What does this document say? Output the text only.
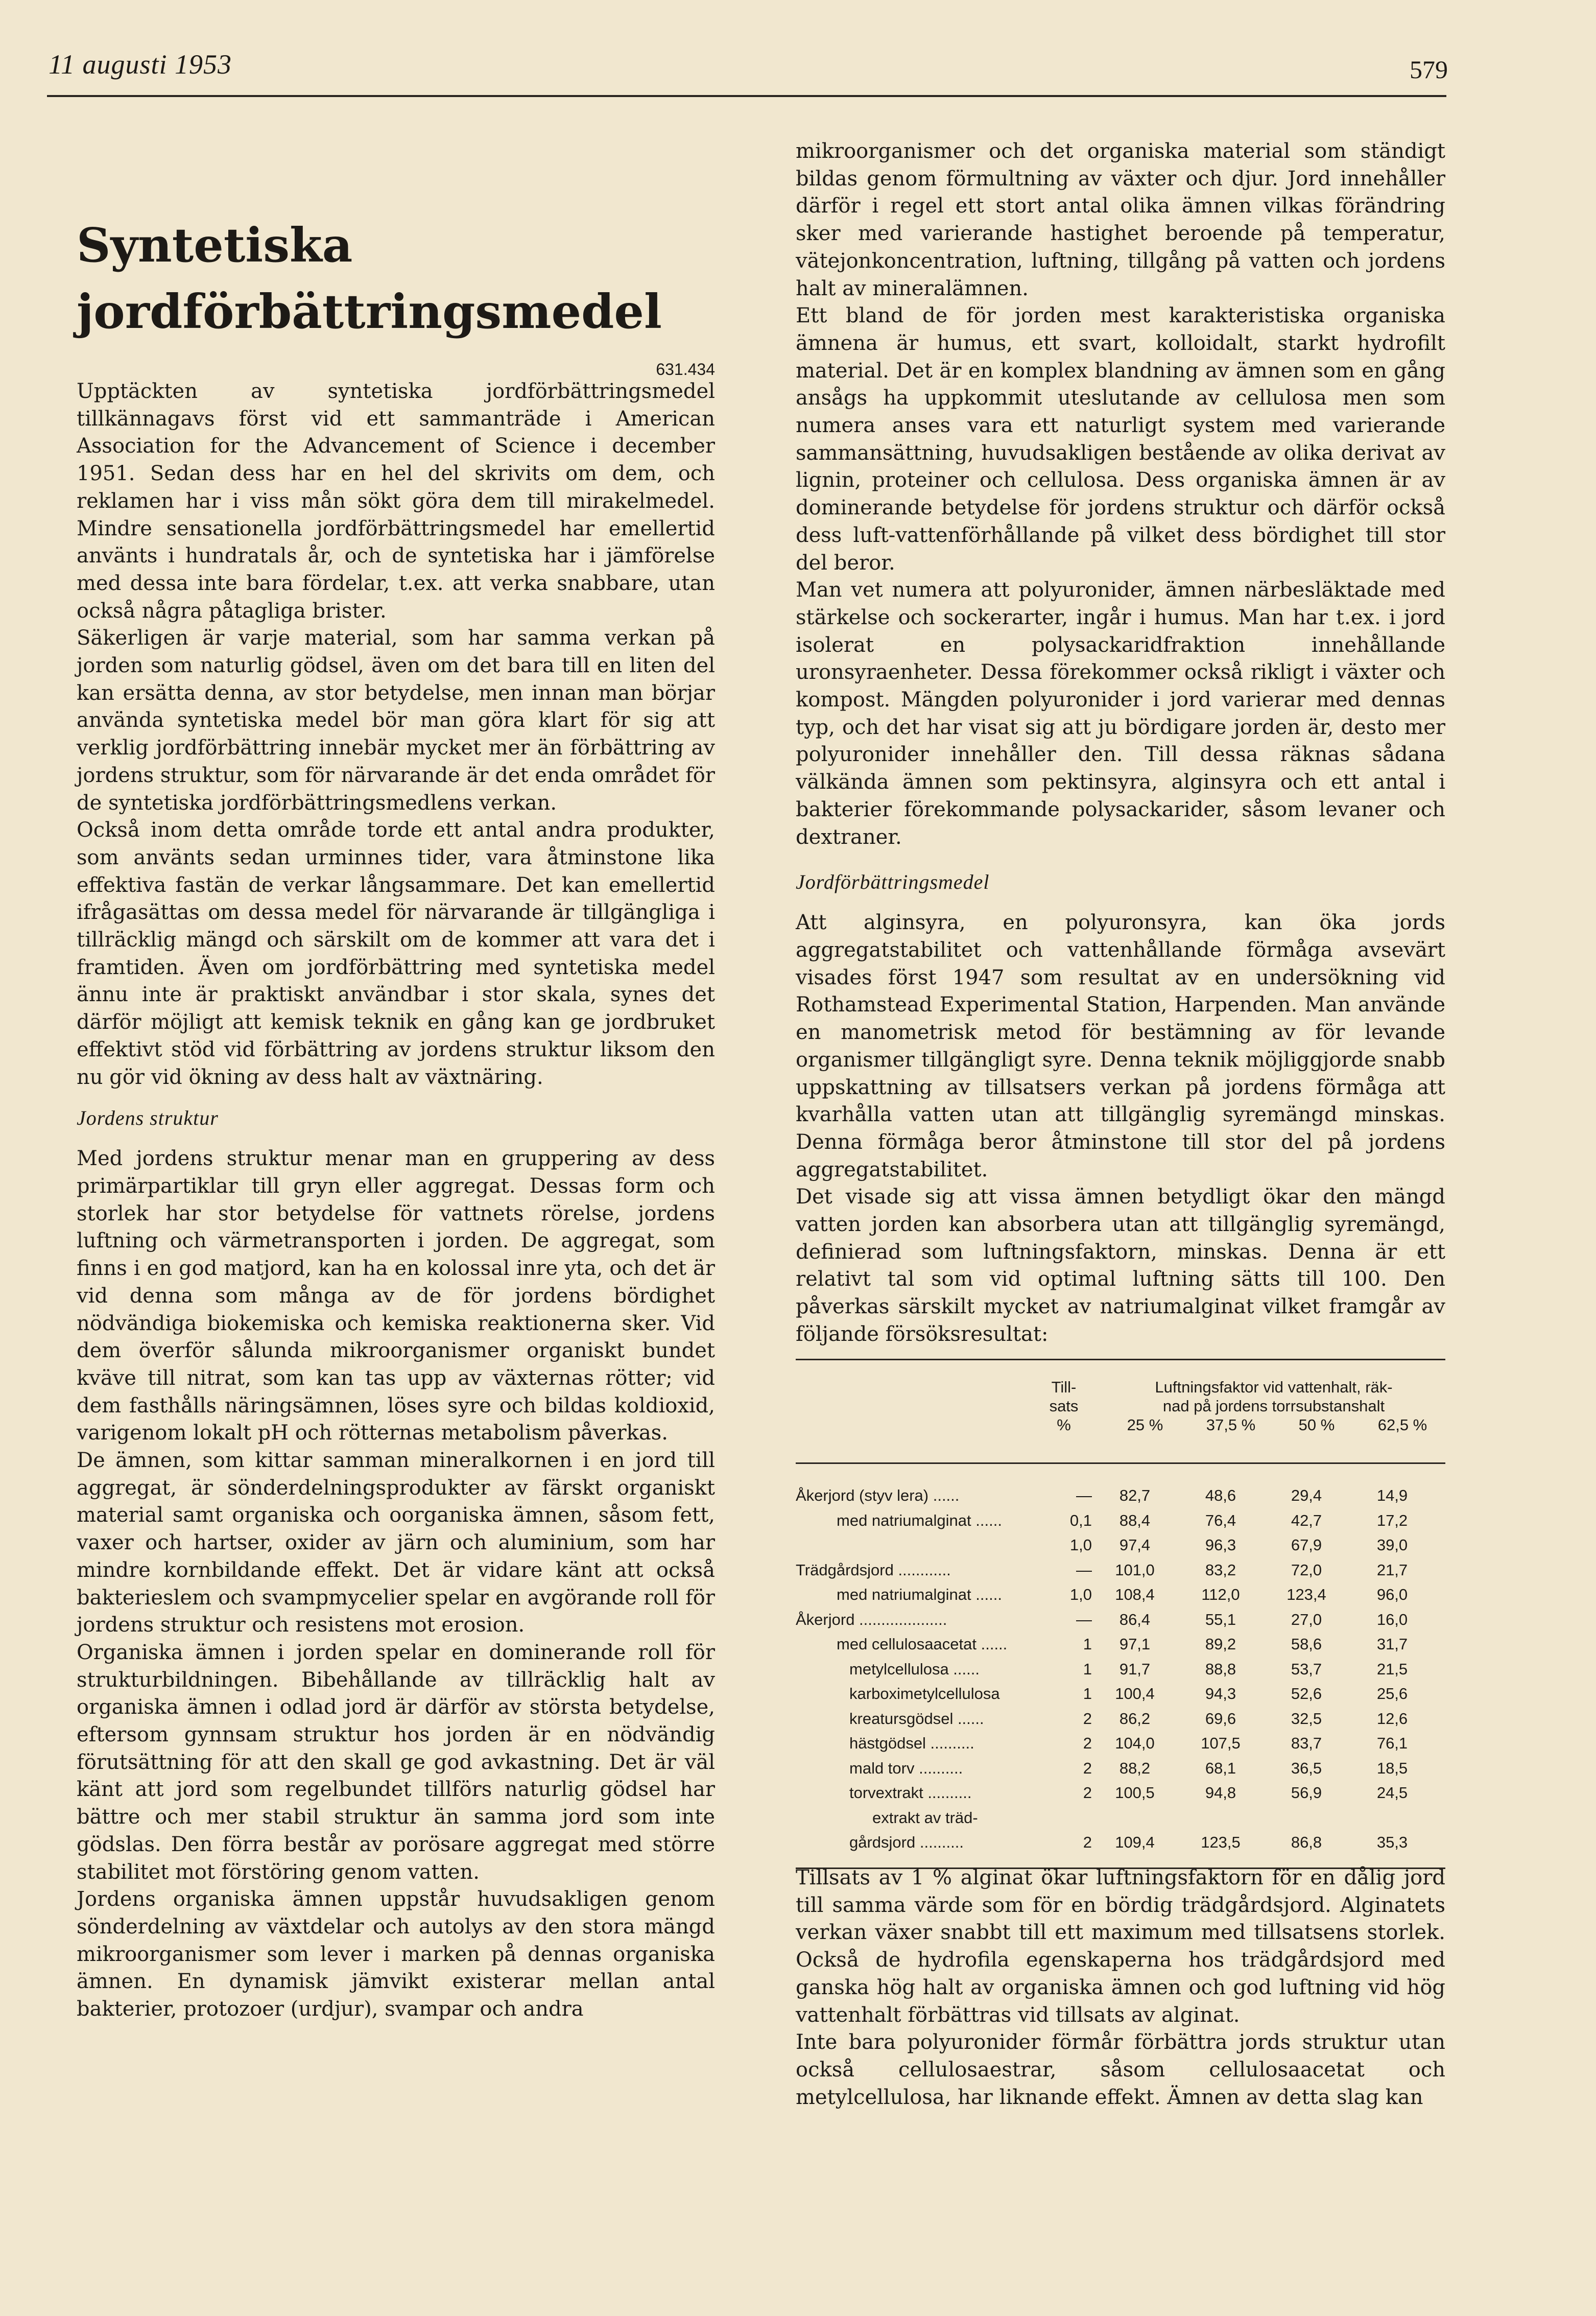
11 augusti 1953	579
Syntetiska
jordförbättringsmedel
631.434

Upptäckten av syntetiska jordförbättringsmedel tillkännagavs först vid ett sammanträde i American Association for the Advancement of Science i december 1951. Sedan dess har en hel del skrivits om dem, och reklamen har i viss mån sökt göra dem till mirakelmedel. Mindre sensationella jordförbättringsmedel har emellertid använts i hundratals år, och de syntetiska har i jämförelse med dessa inte bara fördelar, t.ex. att verka snabbare, utan också några påtagliga brister.

Säkerligen är varje material, som har samma verkan på jorden som naturlig gödsel, även om det bara till en liten del kan ersätta denna, av stor betydelse, men innan man börjar använda syntetiska medel bör man göra klart för sig att verklig jordförbättring innebär mycket mer än förbättring av jordens struktur, som för närvarande är det enda området för de syntetiska jordförbättringsmedlens verkan.

Också inom detta område torde ett antal andra produkter, som använts sedan urminnes tider, vara åtminstone lika effektiva fastän de verkar långsammare. Det kan emellertid ifrågasättas om dessa medel för närvarande är tillgängliga i tillräcklig mängd och särskilt om de kommer att vara det i framtiden. Även om jordförbättring med syntetiska medel ännu inte är praktiskt användbar i stor skala, synes det därför möjligt att kemisk teknik en gång kan ge jordbruket effektivt stöd vid förbättring av jordens struktur liksom den nu gör vid ökning av dess halt av växtnäring.

Jordens struktur

Med jordens struktur menar man en gruppering av dess primärpartiklar till gryn eller aggregat. Dessas form och storlek har stor betydelse för vattnets rörelse, jordens luftning och värmetransporten i jorden. De aggregat, som finns i en god matjord, kan ha en kolossal inre yta, och det är vid denna som många av de för jordens bördighet nödvändiga biokemiska och kemiska reaktionerna sker. Vid dem överför sålunda mikroorganismer organiskt bundet kväve till nitrat, som kan tas upp av växternas rötter; vid dem fasthålls näringsämnen, löses syre och bildas koldioxid, varigenom lokalt pH och rötternas metabolism påverkas.

De ämnen, som kittar samman mineralkornen i en jord till aggregat, är sönderdelningsprodukter av färskt organiskt material samt organiska och oorganiska ämnen, såsom fett, vaxer och hartser, oxider av järn och aluminium, som har mindre kornbildande effekt. Det är vidare känt att också bakterieslem och svampmycelier spelar en avgörande roll för jordens struktur och resistens mot erosion.

Organiska ämnen i jorden spelar en dominerande roll för strukturbildningen. Bibehållande av tillräcklig halt av organiska ämnen i odlad jord är därför av största betydelse, eftersom gynnsam struktur hos jorden är en nödvändig förutsättning för att den skall ge god avkastning. Det är väl känt att jord som regelbundet tillförs naturlig gödsel har bättre och mer stabil struktur än samma jord som inte gödslas. Den förra består av porösare aggregat med större stabilitet mot förstöring genom vatten.

Jordens organiska ämnen uppstår huvudsakligen genom sönderdelning av växtdelar och autolys av den stora mängd mikroorganismer som lever i marken på dennas organiska ämnen. En dynamisk jämvikt existerar mellan antal bakterier, protozoer (urdjur), svampar och andra

mikroorganismer och det organiska material som ständigt bildas genom förmultning av växter och djur. Jord innehåller därför i regel ett stort antal olika ämnen vilkas förändring sker med varierande hastighet beroende på temperatur, vätejonkoncentration, luftning, tillgång på vatten och jordens halt av mineralämnen.

Ett bland de för jorden mest karakteristiska organiska ämnena är humus, ett svart, kolloidalt, starkt hydrofilt material. Det är en komplex blandning av ämnen som en gång ansågs ha uppkommit uteslutande av cellulosa men som numera anses vara ett naturligt system med varierande sammansättning, huvudsakligen bestående av olika derivat av lignin, proteiner och cellulosa. Dess organiska ämnen är av dominerande betydelse för jordens struktur och därför också dess luft-vattenförhållande på vilket dess bördighet till stor del beror.

Man vet numera att polyuronider, ämnen närbesläktade med stärkelse och sockerarter, ingår i humus. Man har t.ex. i jord isolerat en polysackaridfraktion innehållande uronsyraenheter. Dessa förekommer också rikligt i växter och kompost. Mängden polyuronider i jord varierar med dennas typ, och det har visat sig att ju bördigare jorden är, desto mer polyuronider innehåller den. Till dessa räknas sådana välkända ämnen som pektinsyra, alginsyra och ett antal i bakterier förekommande polysackarider, såsom levaner och dextraner.

Jordförbättringsmedel

Att alginsyra, en polyuronsyra, kan öka jords aggregatstabilitet och vattenhållande förmåga avsevärt visades först 1947 som resultat av en undersökning vid Rothamstead Experimental Station, Harpenden. Man använde en manometrisk metod för bestämning av för levande organismer tillgängligt syre. Denna teknik möjliggjorde snabb uppskattning av tillsatsers verkan på jordens förmåga att kvarhålla vatten utan att tillgänglig syremängd minskas. Denna förmåga beror åtminstone till stor del på jordens aggregatstabilitet.

Det visade sig att vissa ämnen betydligt ökar den mängd vatten jorden kan absorbera utan att tillgänglig syremängd, definierad som luftningsfaktorn, minskas. Denna är ett relativt tal som vid optimal luftning sätts till 100. Den påverkas särskilt mycket av natriumalginat vilket framgår av följande försöksresultat:

Till-
sats
%
Luftningsfaktor vid vattenhalt, räk-
nad på jordens torrsubstanshalt
25 %	37,5 %	50 %	62,5 %
Åkerjord (styv lera) ......	—	82,7	48,6	29,4	14,9
med natriumalginat ......	0,1	88,4	76,4	42,7	17,2
1,0	97,4	96,3	67,9	39,0
Trädgårdsjord ............	—	101,0	83,2	72,0	21,7
med natriumalginat ......	1,0	108,4	112,0	123,4	96,0
Åkerjord ....................	—	86,4	55,1	27,0	16,0
med cellulosaacetat ......	1	97,1	89,2	58,6	31,7
metylcellulosa ......	1	91,7	88,8	53,7	21,5
karboximetylcellulosa	1	100,4	94,3	52,6	25,6
kreatursgödsel ......	2	86,2	69,6	32,5	12,6
hästgödsel ..........	2	104,0	107,5	83,7	76,1
mald torv ..........	2	88,2	68,1	36,5	18,5
torvextrakt ..........	2	100,5	94,8	56,9	24,5
extrakt av träd-
gårdsjord ..........	2	109,4	123,5	86,8	35,3

Tillsats av 1 % alginat ökar luftningsfaktorn för en dålig jord till samma värde som för en bördig trädgårdsjord. Alginatets verkan växer snabbt till ett maximum med tillsatsens storlek. Också de hydrofila egenskaperna hos trädgårdsjord med ganska hög halt av organiska ämnen och god luftning vid hög vattenhalt förbättras vid tillsats av alginat.

Inte bara polyuronider förmår förbättra jords struktur utan också cellulosaestrar, såsom cellulosaacetat och metylcellulosa, har liknande effekt. Ämnen av detta slag kan
